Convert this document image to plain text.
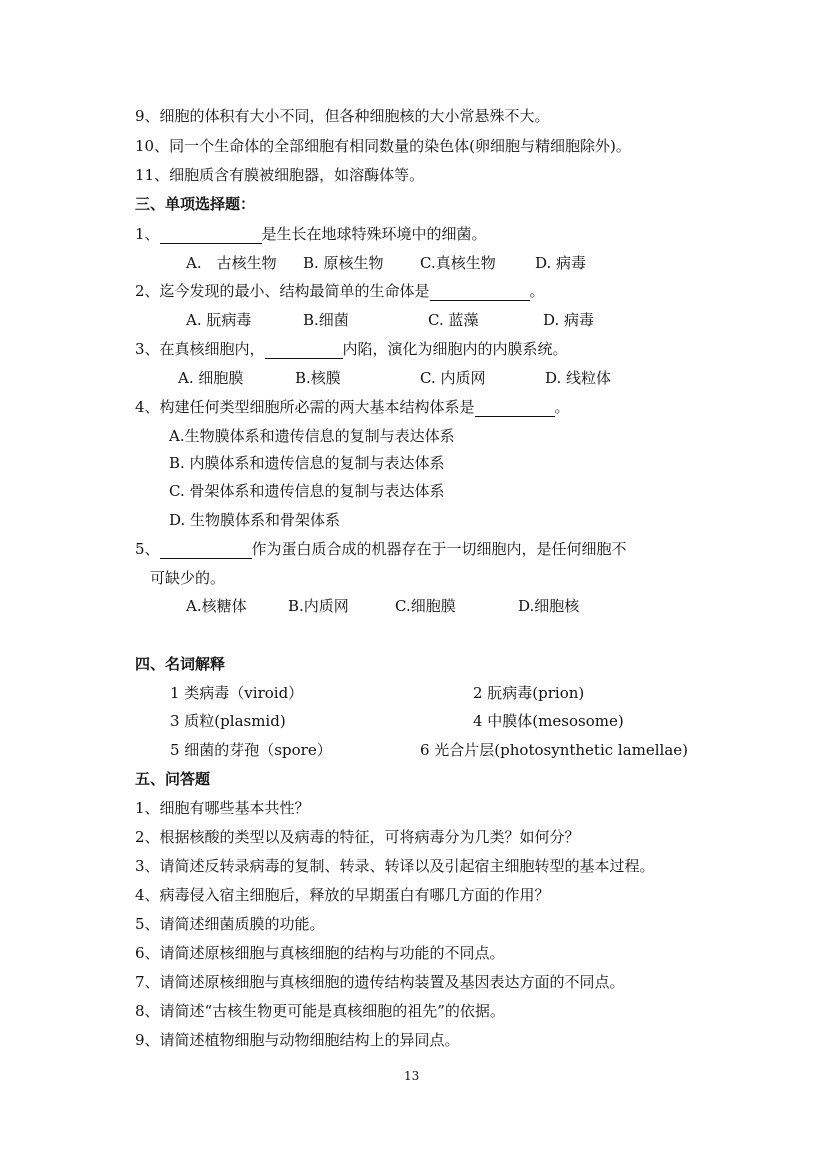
9、细胞的体积有大小不同，但各种细胞核的大小常悬殊不大。
10、同一个生命体的全部细胞有相同数量的染色体(卵细胞与精细胞除外)。
11、细胞质含有膜被细胞器，如溶酶体等。
三、单项选择题：
1、	是生长在地球特殊环境中的细菌。
A.　古核生物 B. 原核生物 C.真核生物	D. 病毒
2、迄今发现的最小、结构最简单的生命体是	。
A. 朊病毒	B.细菌	C. 蓝藻	D. 病毒
3、在真核细胞内，	内陷，演化为细胞内的内膜系统。
A. 细胞膜	B.核膜	C. 内质网	D. 线粒体
4、构建任何类型细胞所必需的两大基本结构体系是	。
A.生物膜体系和遗传信息的复制与表达体系
B. 内膜体系和遗传信息的复制与表达体系
C. 骨架体系和遗传信息的复制与表达体系
D. 生物膜体系和骨架体系
5、	作为蛋白质合成的机器存在于一切细胞内，是任何细胞不
可缺少的。
A.核糖体	B.内质网	C.细胞膜	D.细胞核
四、名词解释
1 类病毒（viroid）	2 朊病毒(prion)
3 质粒(plasmid)	4 中膜体(mesosome)
5 细菌的芽孢（spore）	6 光合片层(photosynthetic lamellae)
五、问答题
1、细胞有哪些基本共性？
2、根据核酸的类型以及病毒的特征，可将病毒分为几类？如何分？
3、请简述反转录病毒的复制、转录、转译以及引起宿主细胞转型的基本过程。
4、病毒侵入宿主细胞后，释放的早期蛋白有哪几方面的作用？
5、请简述细菌质膜的功能。
6、请简述原核细胞与真核细胞的结构与功能的不同点。
7、请简述原核细胞与真核细胞的遗传结构装置及基因表达方面的不同点。
8、请简述“古核生物更可能是真核细胞的祖先”的依据。
9、请简述植物细胞与动物细胞结构上的异同点。
13
